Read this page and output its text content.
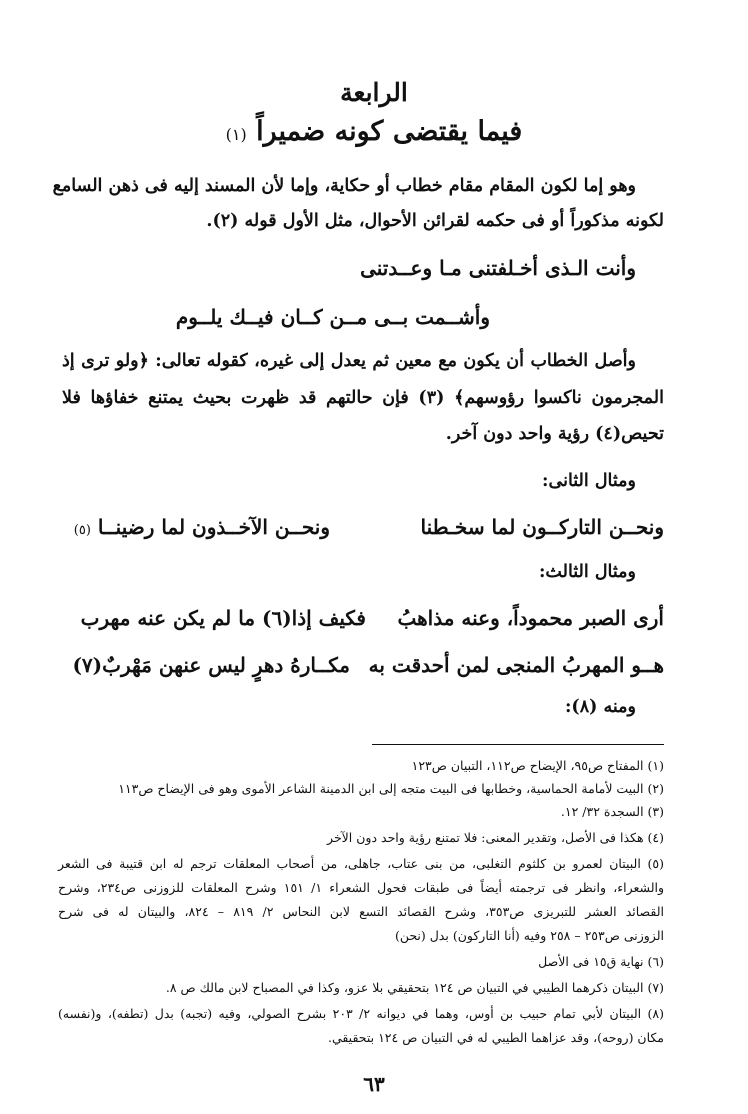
الرابعة
فيما يقتضى كونه ضميراً (١)
وهو إما لكون المقام مقام خطاب أو حكاية، وإما لأن المسند إليه فى ذهن السامع
لكونه مذكوراً أو فى حكمه لقرائن الأحوال، مثل الأول قوله (٢).
وأنت الـذى أخـلفتنى مـا وعــدتنى
وأشــمت بــى مــن كــان فيــك يلــوم
وأصل الخطاب أن يكون مع معين ثم يعدل إلى غيره، كقوله تعالى: ﴿ولو ترى إذ
المجرمون ناكسوا رؤوسهم﴾ (٣) فإن حالتهم قد ظهرت بحيث يمتنع خفاؤها فلا
تحيص(٤) رؤية واحد دون آخر.
ومثال الثانى:
ونحــن التاركــون لما سخـطنا
ونحــن الآخــذون لما رضينــا (٥)
ومثال الثالث:
أرى الصبر محموداً، وعنه مذاهبُ
فكيف إذا(٦) ما لم يكن عنه مهرب
هــو المهربُ المنجى لمن أحدقت به
مكــارهُ دهرٍ ليس عنهن مَهْربٌ(٧)
ومنه (٨):
(١) المفتاح ص٩٥، الإيضاح ص١١٢، التبيان ص١٢٣
(٢) البيت لأمامة الحماسية، وخطابها فى البيت متجه إلى ابن الدمينة الشاعر الأموى وهو فى الإيضاح ص١١٣
(٣) السجدة ٣٢/ ١٢.
(٤) هكذا فى الأصل، وتقدير المعنى: فلا تمتنع رؤية واحد دون الآخر
(٥) البيتان لعمرو بن كلثوم التغلبى، من بنى عتاب، جاهلى، من أصحاب المعلقات ترجم له ابن قتيبة فى الشعر
والشعراء، وانظر فى ترجمته أيضاً فى طبقات فحول الشعراء ١/ ١٥١ وشرح المعلقات للزوزنى ص٢٣٤، وشرح
القصائد العشر للتبريزى ص٣٥٣، وشرح القصائد التسع لابن النحاس ٢/ ٨١٩ – ٨٢٤، والبيتان له فى شرح
الزوزنى ص٢٥٣ – ٢٥٨ وفيه (أنا التاركون) بدل (نحن)
(٦) نهاية ق١٥ فى الأصل
(٧) البيتان ذكرهما الطيبي في التبيان ص ١٢٤ بتحقيقي بلا عزو، وكذا في المصباح لابن مالك ص ٨.
(٨) البيتان لأبي تمام حبيب بن أوس، وهما في ديوانه ٢/ ٢٠٣ بشرح الصولي، وفيه (تجبه) بدل (تطفه)، و(نفسه)
مكان (روحه)، وقد عزاهما الطيبي له في التبيان ص ١٢٤ بتحقيقي.
٦٣
